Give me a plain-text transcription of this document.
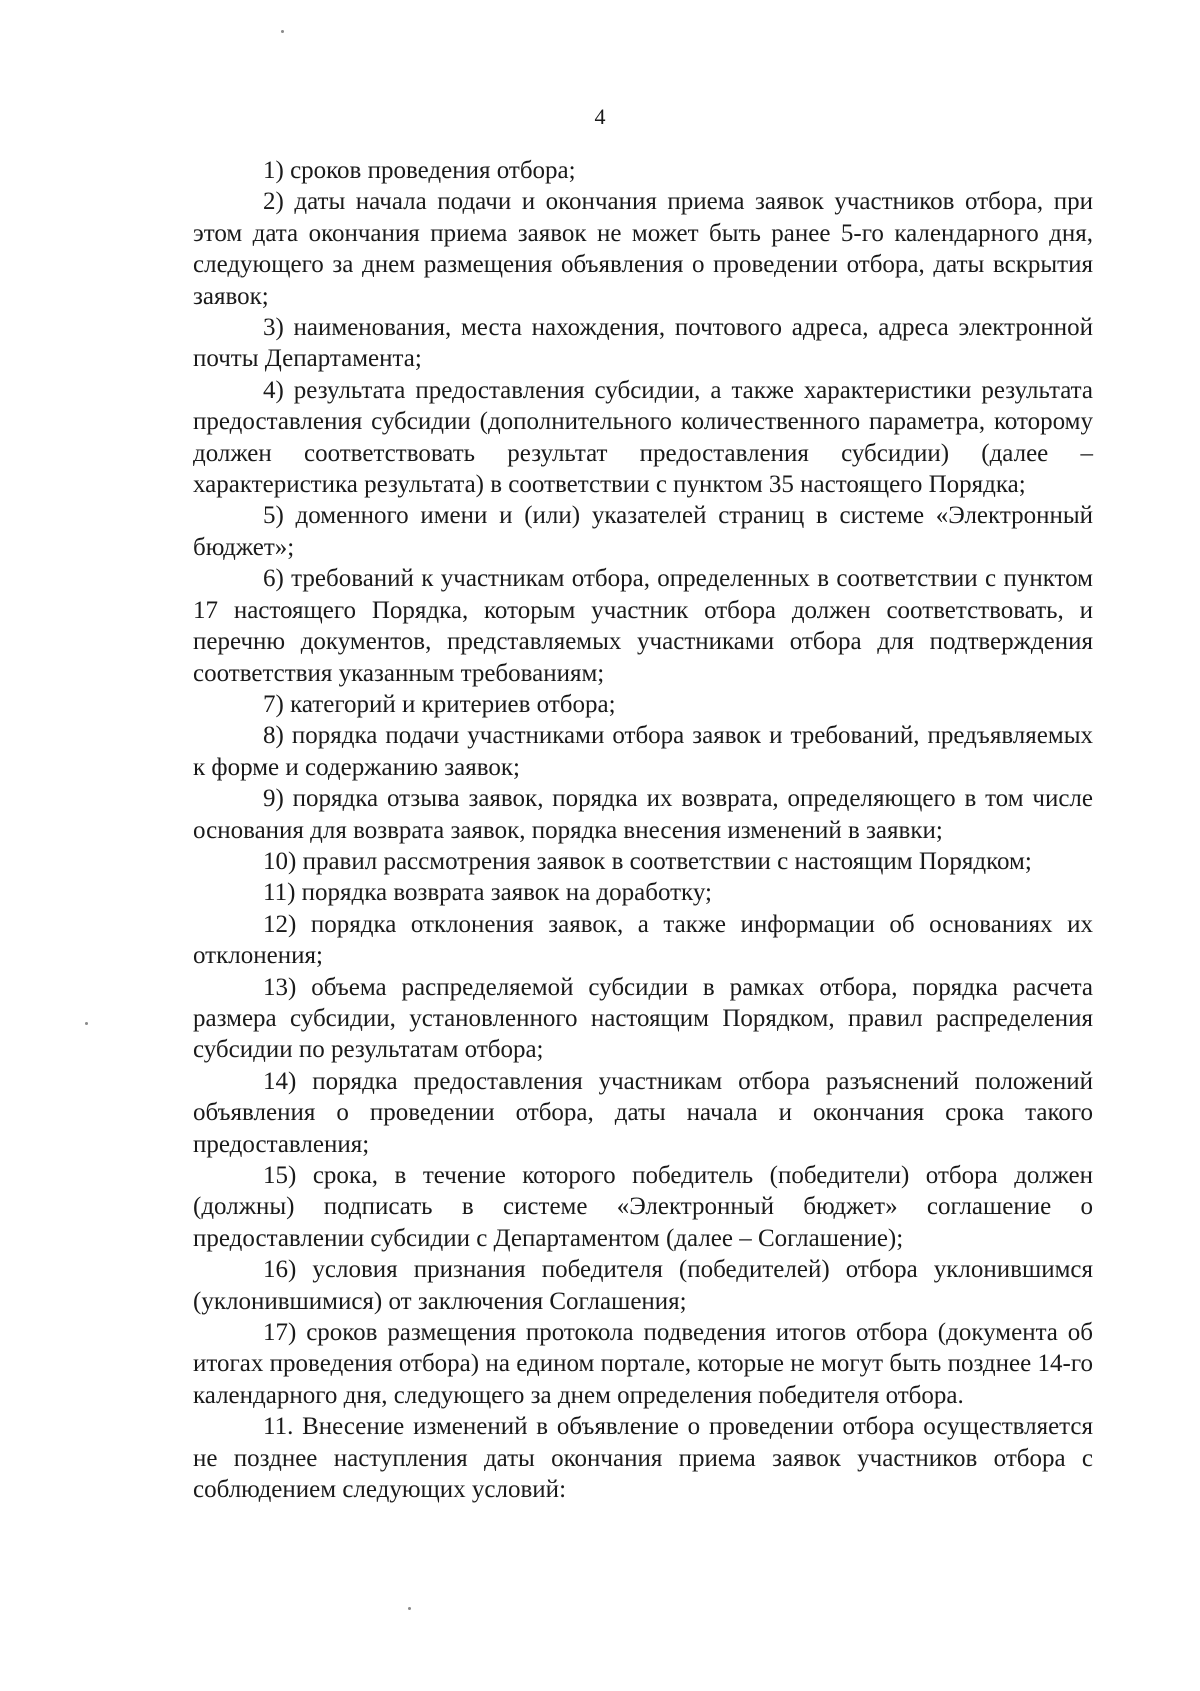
4

1) сроков проведения отбора;

2) даты начала подачи и окончания приема заявок участников отбора, при этом дата окончания приема заявок не может быть ранее 5-го календарного дня, следующего за днем размещения объявления о проведении отбора, даты вскрытия заявок;

3) наименования, места нахождения, почтового адреса, адреса электронной почты Департамента;

4) результата предоставления субсидии, а также характеристики результата предоставления субсидии (дополнительного количественного параметра, которому должен соответствовать результат предоставления субсидии) (далее – характеристика результата) в соответствии с пунктом 35 настоящего Порядка;

5) доменного имени и (или) указателей страниц в системе «Электронный бюджет»;

6) требований к участникам отбора, определенных в соответствии с пунктом 17 настоящего Порядка, которым участник отбора должен соответствовать, и перечню документов, представляемых участниками отбора для подтверждения соответствия указанным требованиям;

7) категорий и критериев отбора;

8) порядка подачи участниками отбора заявок и требований, предъявляемых к форме и содержанию заявок;

9) порядка отзыва заявок, порядка их возврата, определяющего в том числе основания для возврата заявок, порядка внесения изменений в заявки;

10) правил рассмотрения заявок в соответствии с настоящим Порядком;

11) порядка возврата заявок на доработку;

12) порядка отклонения заявок, а также информации об основаниях их отклонения;

13) объема распределяемой субсидии в рамках отбора, порядка расчета размера субсидии, установленного настоящим Порядком, правил распределения субсидии по результатам отбора;

14) порядка предоставления участникам отбора разъяснений положений объявления о проведении отбора, даты начала и окончания срока такого предоставления;

15) срока, в течение которого победитель (победители) отбора должен (должны) подписать в системе «Электронный бюджет» соглашение о предоставлении субсидии с Департаментом (далее – Соглашение);

16) условия признания победителя (победителей) отбора уклонившимся (уклонившимися) от заключения Соглашения;

17) сроков размещения протокола подведения итогов отбора (документа об итогах проведения отбора) на едином портале, которые не могут быть позднее 14-го календарного дня, следующего за днем определения победителя отбора.

11. Внесение изменений в объявление о проведении отбора осуществляется не позднее наступления даты окончания приема заявок участников отбора с соблюдением следующих условий:
